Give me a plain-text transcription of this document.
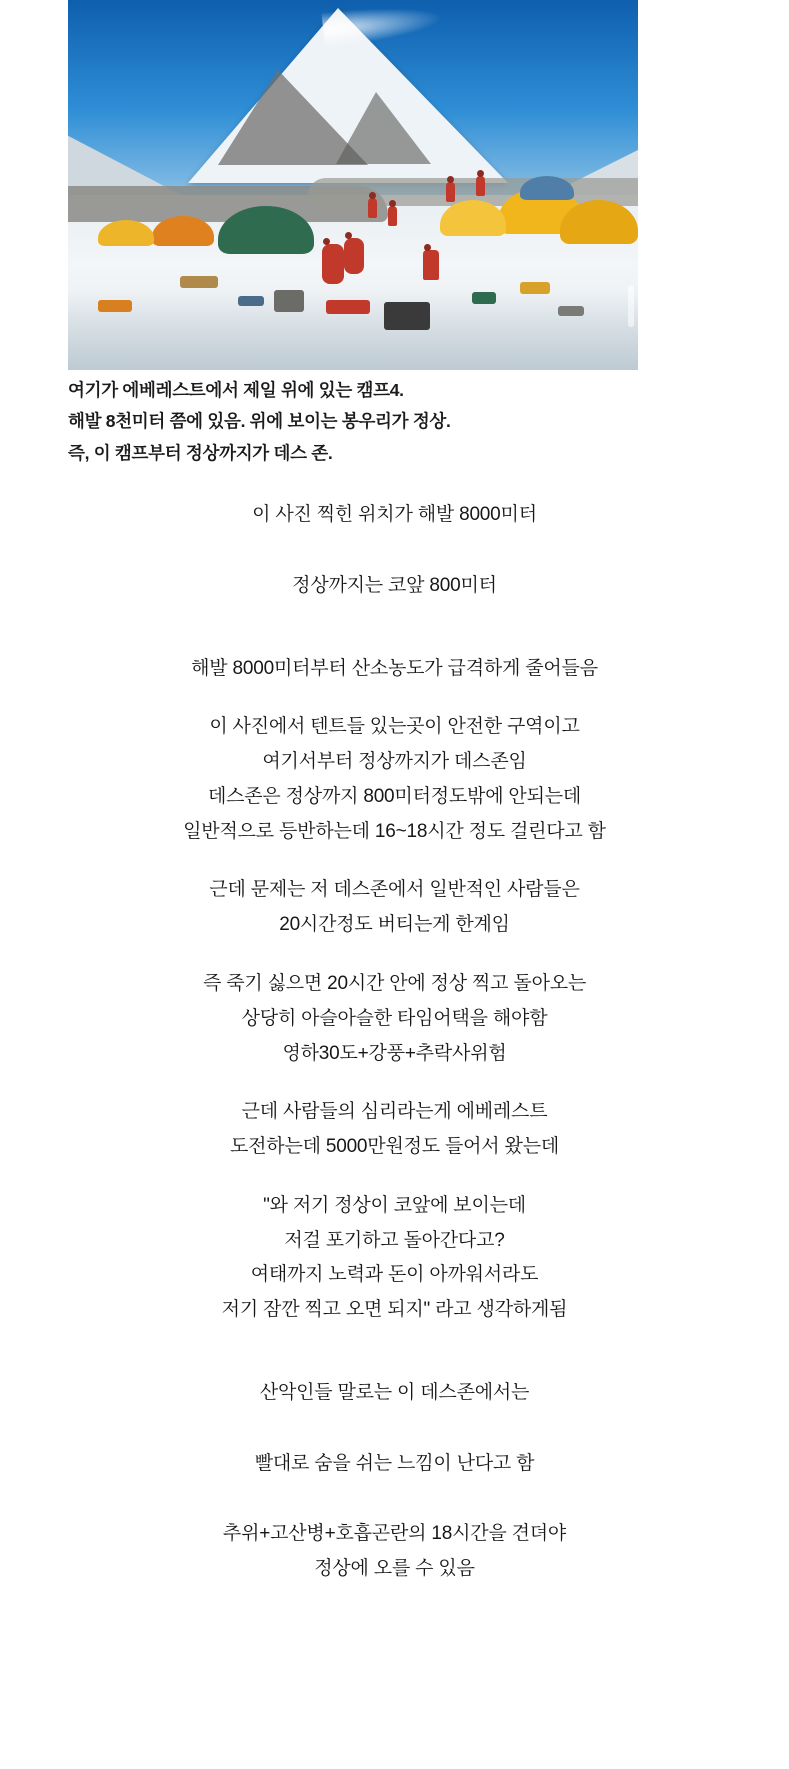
여기가 에베레스트에서 제일 위에 있는 캠프4.

해발 8천미터 쯤에 있음. 위에 보이는 봉우리가 정상.

즉, 이 캠프부터 정상까지가 데스 존.

이 사진 찍힌 위치가 해발 8000미터

정상까지는 코앞 800미터

해발 8000미터부터 산소농도가 급격하게 줄어들음

이 사진에서 텐트들 있는곳이 안전한 구역이고

여기서부터 정상까지가 데스존임

데스존은 정상까지 800미터정도밖에 안되는데

일반적으로 등반하는데 16~18시간 정도 걸린다고 함

근데 문제는 저 데스존에서 일반적인 사람들은

20시간정도 버티는게 한계임

즉 죽기 싫으면 20시간 안에 정상 찍고 돌아오는

상당히 아슬아슬한 타임어택을 해야함

영하30도+강풍+추락사위험

근데 사람들의 심리라는게 에베레스트

도전하는데 5000만원정도 들어서 왔는데

"와 저기 정상이 코앞에 보이는데

저걸 포기하고 돌아간다고?

여태까지 노력과 돈이 아까워서라도

저기 잠깐 찍고 오면 되지" 라고 생각하게됨

산악인들 말로는 이 데스존에서는

빨대로 숨을 쉬는 느낌이 난다고 함

추위+고산병+호흡곤란의 18시간을 견뎌야

정상에 오를 수 있음
